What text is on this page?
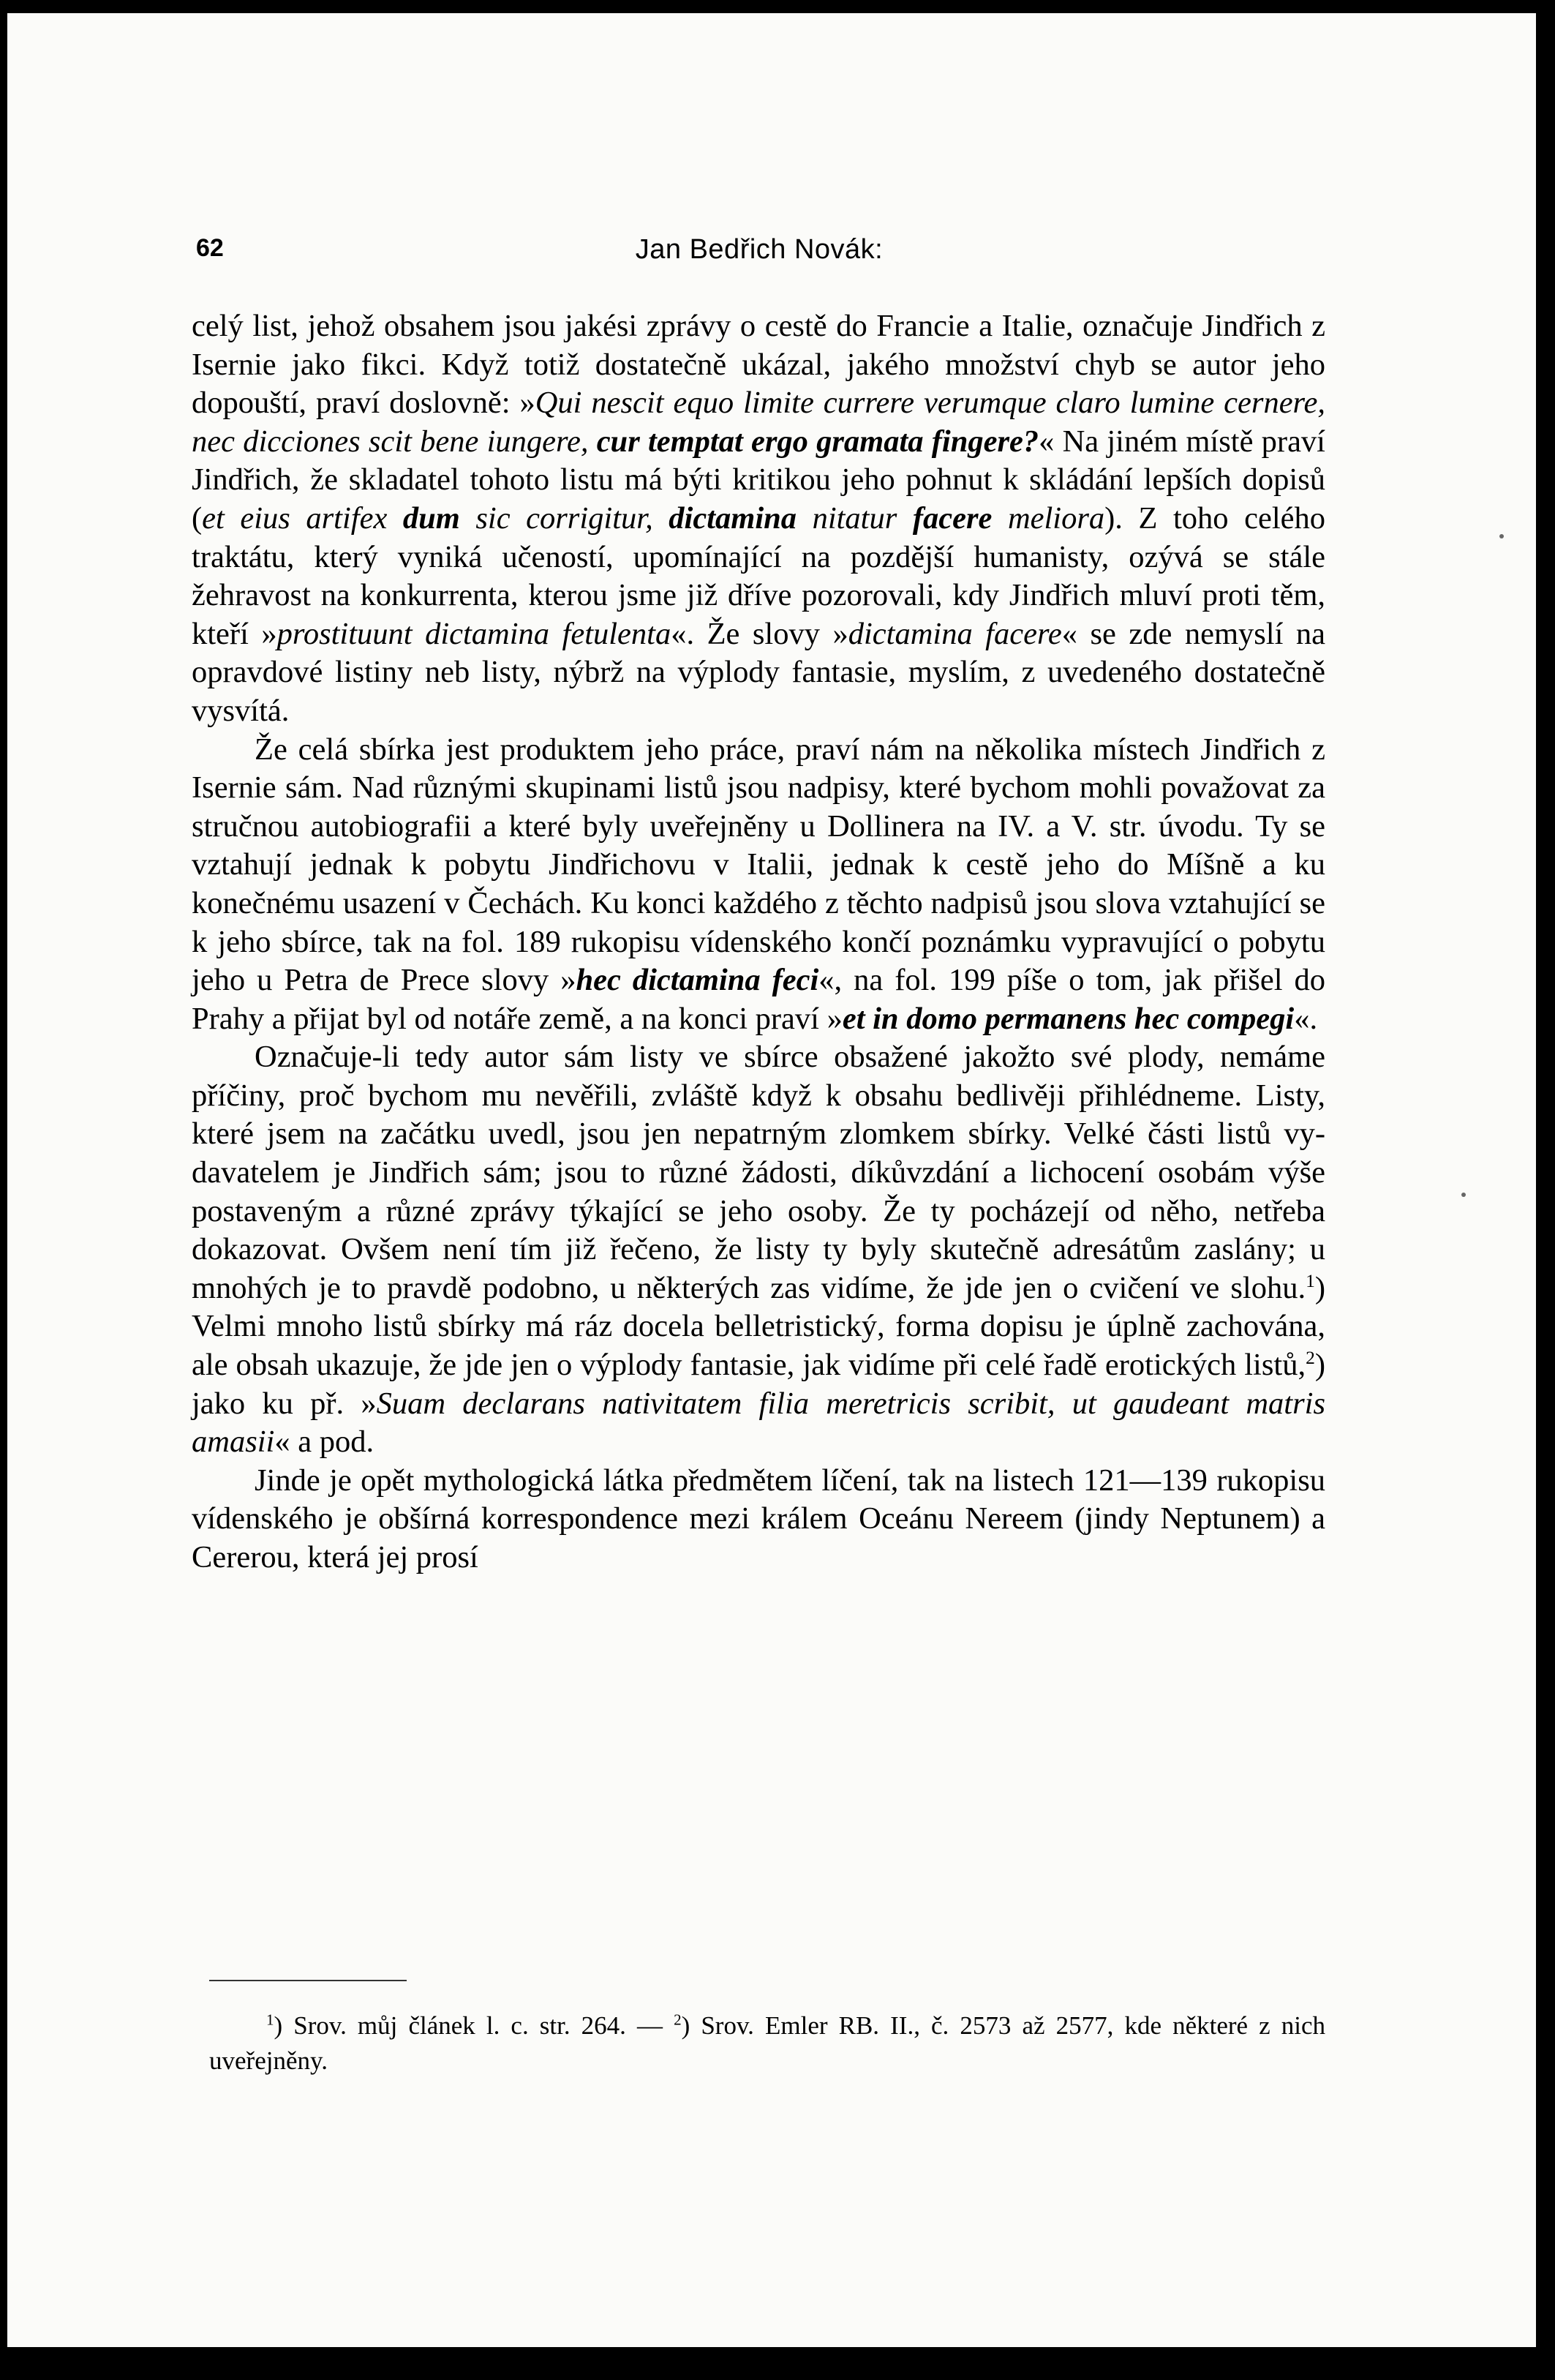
62	Jan Bedřich Novák:

celý list, jehož obsahem jsou jakési zprávy o cestě do Francie a Italie, označuje Jindřich z Isernie jako fikci. Když totiž dostatečně ukázal, jakého množství chyb se autor jeho dopouští, praví doslovně: »Qui nescit equo limite currere verumque claro lumine cernere, nec dicciones scit bene iungere, cur temptat ergo gramata fingere?« Na jiném místě praví Jindřich, že skladatel tohoto listu má býti kritikou jeho pohnut k skládání lepších dopisů (et eius artifex dum sic corrigitur, dictamina nitatur facere meliora). Z toho celého traktátu, který vyniká učeností, upomínající na pozdější humanisty, ozývá se stále žehravost na konkurrenta, kterou jsme již dříve pozorovali, kdy Jindřich mluví proti těm, kteří »prostituunt dictamina fetulenta«. Že slovy »dictamina facere« se zde nemyslí na opravdové listiny neb listy, nýbrž na výplody fantasie, myslím, z uvedeného dostatečně vysvítá.

Že celá sbírka jest produktem jeho práce, praví nám na několika místech Jindřich z Isernie sám. Nad různými skupinami listů jsou nadpisy, které bychom mohli považovat za stručnou autobiografii a které byly uveřejněny u Dollinera na IV. a V. str. úvodu. Ty se vztahují jednak k pobytu Jindřichovu v Italii, jednak k cestě jeho do Míšně a ku konečnému usazení v Čechách. Ku konci každého z těchto nadpisů jsou slova vztahující se k jeho sbírce, tak na fol. 189 rukopisu vídenského končí poznámku vypravující o pobytu jeho u Petra de Prece slovy »hec dictamina feci«, na fol. 199 píše o tom, jak přišel do Prahy a přijat byl od notáře země, a na konci praví »et in domo permanens hec compegi«.

Označuje-li tedy autor sám listy ve sbírce obsažené jakožto své plody, nemáme příčiny, proč bychom mu nevěřili, zvláště když k obsahu bedlivěji přihlédneme. Listy, které jsem na začátku uvedl, jsou jen nepatrným zlomkem sbírky. Velké části listů vydavatelem je Jindřich sám; jsou to různé žádosti, díkůvzdání a lichocení osobám výše postaveným a různé zprávy týkající se jeho osoby. Že ty pocházejí od něho, netřeba dokazovat. Ovšem není tím již řečeno, že listy ty byly skutečně adresátům zaslány; u mnohých je to pravdě podobno, u některých zas vidíme, že jde jen o cvičení ve slohu.$^1$) Velmi mnoho listů sbírky má ráz docela belletristický, forma dopisu je úplně zachována, ale obsah ukazuje, že jde jen o výplody fantasie, jak vidíme při celé řadě erotických listů,$^2$) jako ku př. »Suam declarans nativitatem filia meretricis scribit, ut gaudeant matris amasii« a pod.

Jinde je opět mythologická látka předmětem líčení, tak na listech 121—139 rukopisu vídenského je obšírná korrespondence mezi králem Oceánu Nereem (jindy Neptunem) a Cererou, která jej prosí

$^1$) Srov. můj článek l. c. str. 264. — $^2$) Srov. Emler RB. II., č. 2573 až 2577, kde některé z nich uveřejněny.
